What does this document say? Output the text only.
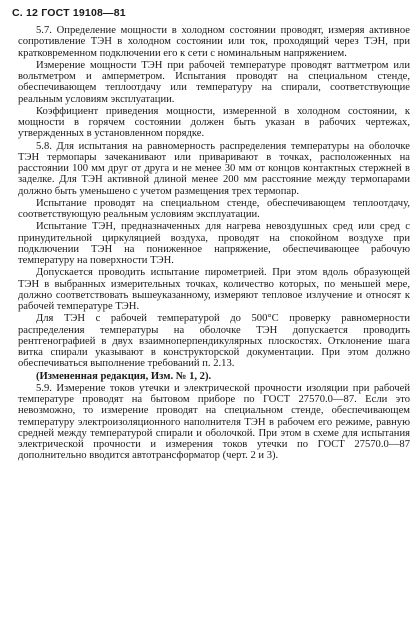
С. 12 ГОСТ 19108—81

5.7. Определение мощности в холодном состоянии проводят, измеряя активное сопротивление ТЭН в холодном состоянии или ток, проходящий через ТЭН, при кратковременном подключении его к сети с номинальным напряжением.

Измерение мощности ТЭН при рабочей температуре проводят ваттметром или вольтметром и амперметром. Испытания проводят на специальном стенде, обеспечивающем теплоотдачу или температуру на спирали, соответствующие реальным условиям эксплуатации.

Коэффициент приведения мощности, измеренной в холодном состоянии, к мощности в горячем состоянии должен быть указан в рабочих чертежах, утвержденных в установленном порядке.

5.8. Для испытания на равномерность распределения температуры на оболочке ТЭН термопары зачеканивают или приваривают в точках, расположенных на расстоянии 100 мм друг от друга и не менее 30 мм от концов контактных стержней в заделке. Для ТЭН активной длиной менее 200 мм расстояние между термопарами должно быть уменьшено с учетом размещения трех термопар.

Испытание проводят на специальном стенде, обеспечивающем теплоотдачу, соответствующую реальным условиям эксплуатации.

Испытание ТЭН, предназначенных для нагрева невоздушных сред или сред с принудительной циркуляцией воздуха, проводят на спокойном воздухе при подключении ТЭН на пониженное напряжение, обеспечивающее рабочую температуру на поверхности ТЭН.

Допускается проводить испытание пирометрией. При этом вдоль образующей ТЭН в выбранных измерительных точках, количество которых, по меньшей мере, должно соответствовать вышеуказанному, измеряют тепловое излучение и относят к рабочей температуре ТЭН.

Для ТЭН с рабочей температурой до 500°С проверку равномерности распределения температуры на оболочке ТЭН допускается проводить рентгенографией в двух взаимноперпендикулярных плоскостях. Отклонение шага витка спирали указывают в конструкторской документации. При этом должно обеспечиваться выполнение требований п. 2.13.

(Измененная редакция, Изм. № 1, 2).

5.9. Измерение токов утечки и электрической прочности изоляции при рабочей температуре проводят на бытовом приборе по ГОСТ 27570.0—87. Если это невозможно, то измерение проводят на специальном стенде, обеспечивающем температуру электроизоляционного наполнителя ТЭН в рабочем его режиме, равную средней между температурой спирали и оболочкой. При этом в схеме для испытания электрической прочности и измерения токов утечки по ГОСТ 27570.0—87 дополнительно вводится автотрансформатор (черт. 2 и 3).
